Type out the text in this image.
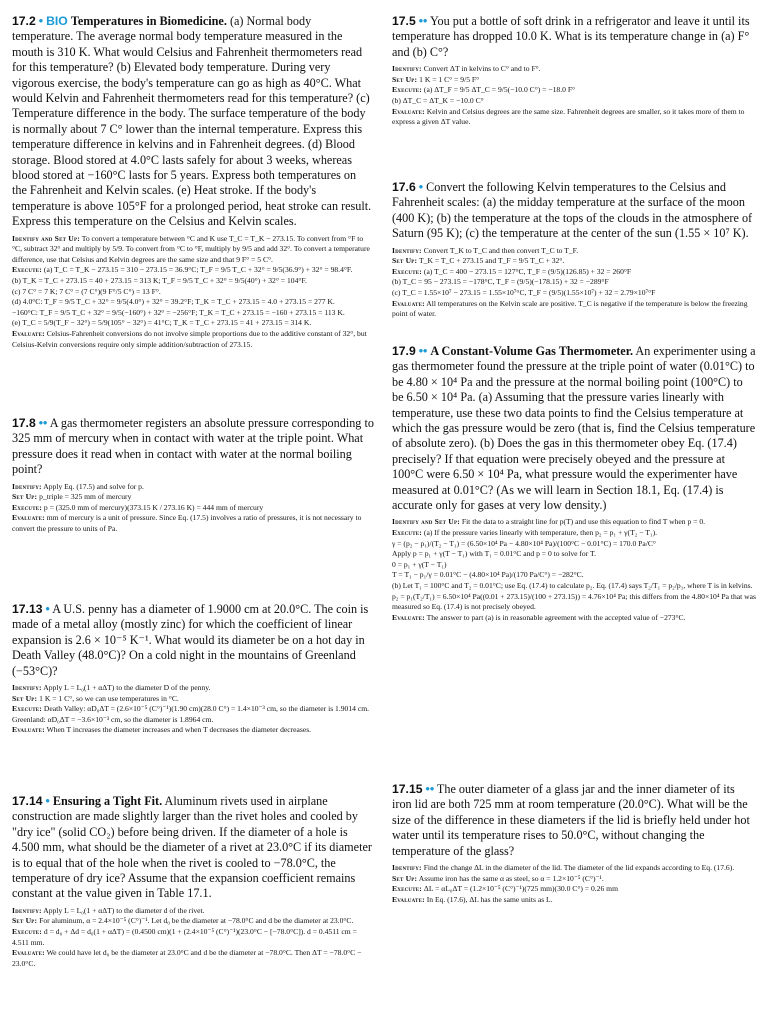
17.2 • BIO Temperatures in Biomedicine. (a) Normal body temperature. The average normal body temperature measured in the mouth is 310 K. What would Celsius and Fahrenheit thermometers read for this temperature? (b) Elevated body temperature. During very vigorous exercise, the body's temperature can go as high as 40°C. What would Kelvin and Fahrenheit thermometers read for this temperature? (c) Temperature difference in the body. The surface temperature of the body is normally about 7 C° lower than the internal temperature. Express this temperature difference in kelvins and in Fahrenheit degrees. (d) Blood storage. Blood stored at 4.0°C lasts safely for about 3 weeks, whereas blood stored at −160°C lasts for 5 years. Express both temperatures on the Fahrenheit and Kelvin scales. (e) Heat stroke. If the body's temperature is above 105°F for a prolonged period, heat stroke can result. Express this temperature on the Celsius and Kelvin scales.

Identify and Set Up: To convert a temperature between °C and K use T_C = T_K − 273.15. To convert from °F to °C, subtract 32° and multiply by 5/9. To convert from °C to °F, multiply by 9/5 and add 32°. To convert a temperature difference, use that Celsius and Kelvin degrees are the same size and that 9 F° = 5 C°.

Execute: (a) T_C = T_K − 273.15 = 310 − 273.15 = 36.9°C; T_F = 9/5 T_C + 32° = 9/5(36.9°) + 32° = 98.4°F.

(b) T_K = T_C + 273.15 = 40 + 273.15 = 313 K; T_F = 9/5 T_C + 32° = 9/5(40°) + 32° = 104°F.

(c) 7 C° = 7 K; 7 C° = (7 C°)(9 F°/5 C°) = 13 F°.

(d) 4.0°C: T_F = 9/5 T_C + 32° = 9/5(4.0°) + 32° = 39.2°F; T_K = T_C + 273.15 = 4.0 + 273.15 = 277 K.

−160°C: T_F = 9/5 T_C + 32° = 9/5(−160°) + 32° = −256°F; T_K = T_C + 273.15 = −160 + 273.15 = 113 K.

(e) T_C = 5/9(T_F − 32°) = 5/9(105° − 32°) = 41°C; T_K = T_C + 273.15 = 41 + 273.15 = 314 K.

Evaluate: Celsius-Fahrenheit conversions do not involve simple proportions due to the additive constant of 32°, but Celsius-Kelvin conversions require only simple addition/subtraction of 273.15.

17.8 •• A gas thermometer registers an absolute pressure corresponding to 325 mm of mercury when in contact with water at the triple point. What pressure does it read when in contact with water at the normal boiling point?

Identify: Apply Eq. (17.5) and solve for p.

Set Up: p_triple = 325 mm of mercury

Execute: p = (325.0 mm of mercury)(373.15 K / 273.16 K) = 444 mm of mercury

Evaluate: mm of mercury is a unit of pressure. Since Eq. (17.5) involves a ratio of pressures, it is not necessary to convert the pressure to units of Pa.

17.13 • A U.S. penny has a diameter of 1.9000 cm at 20.0°C. The coin is made of a metal alloy (mostly zinc) for which the coefficient of linear expansion is 2.6 × 10⁻⁵ K⁻¹. What would its diameter be on a hot day in Death Valley (48.0°C)? On a cold night in the mountains of Greenland (−53°C)?

Identify: Apply L = L₀(1 + αΔT) to the diameter D of the penny.

Set Up: 1 K = 1 C°, so we can use temperatures in °C.

Execute: Death Valley: αD₀ΔT = (2.6×10⁻⁵ (C°)⁻¹)(1.90 cm)(28.0 C°) = 1.4×10⁻³ cm, so the diameter is 1.9014 cm. Greenland: αD₀ΔT = −3.6×10⁻³ cm, so the diameter is 1.8964 cm.

Evaluate: When T increases the diameter increases and when T decreases the diameter decreases.

17.14 • Ensuring a Tight Fit. Aluminum rivets used in airplane construction are made slightly larger than the rivet holes and cooled by "dry ice" (solid CO₂) before being driven. If the diameter of a hole is 4.500 mm, what should be the diameter of a rivet at 23.0°C if its diameter is to equal that of the hole when the rivet is cooled to −78.0°C, the temperature of dry ice? Assume that the expansion coefficient remains constant at the value given in Table 17.1.

Identify: Apply L = L₀(1 + αΔT) to the diameter d of the rivet.

Set Up: For aluminum, α = 2.4×10⁻⁵ (C°)⁻¹. Let d₀ be the diameter at −78.0°C and d be the diameter at 23.0°C.

Execute: d = d₀ + Δd = d₀(1 + αΔT) = (0.4500 cm)(1 + (2.4×10⁻⁵ (C°)⁻¹)(23.0°C − [−78.0°C]). d = 0.4511 cm = 4.511 mm.

Evaluate: We could have let d₀ be the diameter at 23.0°C and d be the diameter at −78.0°C. Then ΔT = −78.0°C − 23.0°C.

17.5 •• You put a bottle of soft drink in a refrigerator and leave it until its temperature has dropped 10.0 K. What is its temperature change in (a) F° and (b) C°?

Identify: Convert ΔT in kelvins to C° and to F°.

Set Up: 1 K = 1 C° = 9/5 F°

Execute: (a) ΔT_F = 9/5 ΔT_C = 9/5(−10.0 C°) = −18.0 F°

(b) ΔT_C = ΔT_K = −10.0 C°

Evaluate: Kelvin and Celsius degrees are the same size. Fahrenheit degrees are smaller, so it takes more of them to express a given ΔT value.

17.6 • Convert the following Kelvin temperatures to the Celsius and Fahrenheit scales: (a) the midday temperature at the surface of the moon (400 K); (b) the temperature at the tops of the clouds in the atmosphere of Saturn (95 K); (c) the temperature at the center of the sun (1.55 × 10⁷ K).

Identify: Convert T_K to T_C and then convert T_C to T_F.

Set Up: T_K = T_C + 273.15 and T_F = 9/5 T_C + 32°.

Execute: (a) T_C = 400 − 273.15 = 127°C, T_F = (9/5)(126.85) + 32 = 260°F

(b) T_C = 95 − 273.15 = −178°C, T_F = (9/5)(−178.15) + 32 = −289°F

(c) T_C = 1.55×10⁷ − 273.15 = 1.55×10⁷°C, T_F = (9/5)(1.55×10⁷) + 32 = 2.79×10⁷°F

Evaluate: All temperatures on the Kelvin scale are positive. T_C is negative if the temperature is below the freezing point of water.

17.9 •• A Constant-Volume Gas Thermometer. An experimenter using a gas thermometer found the pressure at the triple point of water (0.01°C) to be 4.80 × 10⁴ Pa and the pressure at the normal boiling point (100°C) to be 6.50 × 10⁴ Pa. (a) Assuming that the pressure varies linearly with temperature, use these two data points to find the Celsius temperature at which the gas pressure would be zero (that is, find the Celsius temperature of absolute zero). (b) Does the gas in this thermometer obey Eq. (17.4) precisely? If that equation were precisely obeyed and the pressure at 100°C were 6.50 × 10⁴ Pa, what pressure would the experimenter have measured at 0.01°C? (As we will learn in Section 18.1, Eq. (17.4) is accurate only for gases at very low density.)

Identify and Set Up: Fit the data to a straight line for p(T) and use this equation to find T when p = 0.

Execute: (a) If the pressure varies linearly with temperature, then p₂ = p₁ + γ(T₂ − T₁).

γ = (p₂ − p₁)/(T₂ − T₁) = (6.50×10⁴ Pa − 4.80×10⁴ Pa)/(100°C − 0.01°C) = 170.0 Pa/C°

Apply p = p₁ + γ(T − T₁) with T₁ = 0.01°C and p = 0 to solve for T.

0 = p₁ + γ(T − T₁)

T = T₁ − p₁/γ = 0.01°C − (4.80×10⁴ Pa)/(170 Pa/C°) = −282°C.

(b) Let T₁ = 100°C and T₂ = 0.01°C; use Eq. (17.4) to calculate p₂. Eq. (17.4) says T₂/T₁ = p₂/p₁, where T is in kelvins.

p₂ = p₁(T₂/T₁) = 6.50×10⁴ Pa((0.01 + 273.15)/(100 + 273.15)) = 4.76×10⁴ Pa; this differs from the 4.80×10⁴ Pa that was measured so Eq. (17.4) is not precisely obeyed.

Evaluate: The answer to part (a) is in reasonable agreement with the accepted value of −273°C.

17.15 •• The outer diameter of a glass jar and the inner diameter of its iron lid are both 725 mm at room temperature (20.0°C). What will be the size of the difference in these diameters if the lid is briefly held under hot water until its temperature rises to 50.0°C, without changing the temperature of the glass?

Identify: Find the change ΔL in the diameter of the lid. The diameter of the lid expands according to Eq. (17.6).

Set Up: Assume iron has the same α as steel, so α = 1.2×10⁻⁵ (C°)⁻¹.

Execute: ΔL = αL₀ΔT = (1.2×10⁻⁵ (C°)⁻¹)(725 mm)(30.0 C°) = 0.26 mm

Evaluate: In Eq. (17.6), ΔL has the same units as L.
